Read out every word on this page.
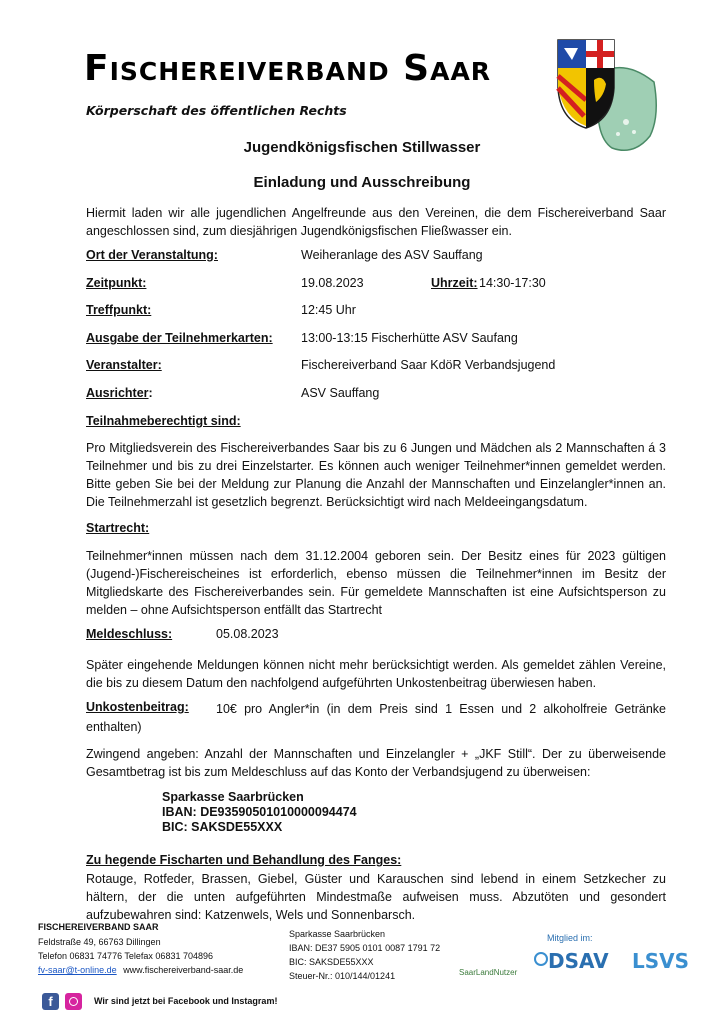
Fischereiverband Saar
Körperschaft des öffentlichen Rechts
Jugendkönigsfischen Stillwasser
Einladung und Ausschreibung
Hiermit laden wir alle jugendlichen Angelfreunde aus den Vereinen, die dem Fischereiverband Saar angeschlossen sind, zum diesjährigen Jugendkönigsfischen Fließwasser ein.
Ort der Veranstaltung:	Weiheranlage des ASV Sauffang
Zeitpunkt:	19.08.2023	Uhrzeit: 14:30-17:30
Treffpunkt:	12:45 Uhr
Ausgabe der Teilnehmerkarten: 13:00-13:15 Fischerhütte ASV Saufang
Veranstalter:	Fischereiverband Saar KdöR Verbandsjugend
Ausrichter:	ASV Sauffang
Teilnahmeberechtigt sind:
Pro Mitgliedsverein des Fischereiverbandes Saar bis zu 6 Jungen und Mädchen als 2 Mannschaften á 3 Teilnehmer und bis zu drei Einzelstarter. Es können auch weniger Teilnehmer*innen gemeldet werden. Bitte geben Sie bei der Meldung zur Planung die Anzahl der Mannschaften und Einzelangler*innen an. Die Teilnehmerzahl ist gesetzlich begrenzt. Berücksichtigt wird nach Meldeeingangsdatum.
Startrecht:
Teilnehmer*innen müssen nach dem 31.12.2004 geboren sein. Der Besitz eines für 2023 gültigen (Jugend-)Fischereischeines ist erforderlich, ebenso müssen die Teilnehmer*innen im Besitz der Mitgliedskarte des Fischereiverbandes sein. Für gemeldete Mannschaften ist eine Aufsichtsperson zu melden – ohne Aufsichtsperson entfällt das Startrecht
Meldeschluss:	05.08.2023
Später eingehende Meldungen können nicht mehr berücksichtigt werden. Als gemeldet zählen Vereine, die bis zu diesem Datum den nachfolgend aufgeführten Unkostenbeitrag überwiesen haben.
Unkostenbeitrag:	10€ pro Angler*in (in dem Preis sind 1 Essen und 2 alkoholfreie Getränke enthalten)
Zwingend angeben: Anzahl der Mannschaften und Einzelangler + „JKF Still“. Der zu überweisende Gesamtbetrag ist bis zum Meldeschluss auf das Konto der Verbandsjugend zu überweisen:
Sparkasse Saarbrücken
IBAN: DE93590501010000094474
BIC: SAKSDE55XXX
Zu hegende Fischarten und Behandlung des Fanges:
Rotauge, Rotfeder, Brassen, Giebel, Güster und Karauschen sind lebend in einem Setzkecher zu hältern, der die unten aufgeführten Mindestmaße aufweisen muss. Abzutöten und gesondert aufzubewahren sind: Katzenwels, Wels und Sonnenbarsch.
FISCHEREIVERBAND SAAR
Feldstraße 49, 66763 Dillingen
Telefon 06831 74776 Telefax 06831 704896
fv-saar@t-online.de www.fischereiverband-saar.de
Sparkasse Saarbrücken
IBAN: DE37 5905 0101 0087 1791 72
BIC: SAKSDE55XXX
Steuer-Nr.: 010/144/01241
Mitglied im:
SaarLandNutzer DSAV LSVS
f	Wir sind jetzt bei Facebook und Instagram!
